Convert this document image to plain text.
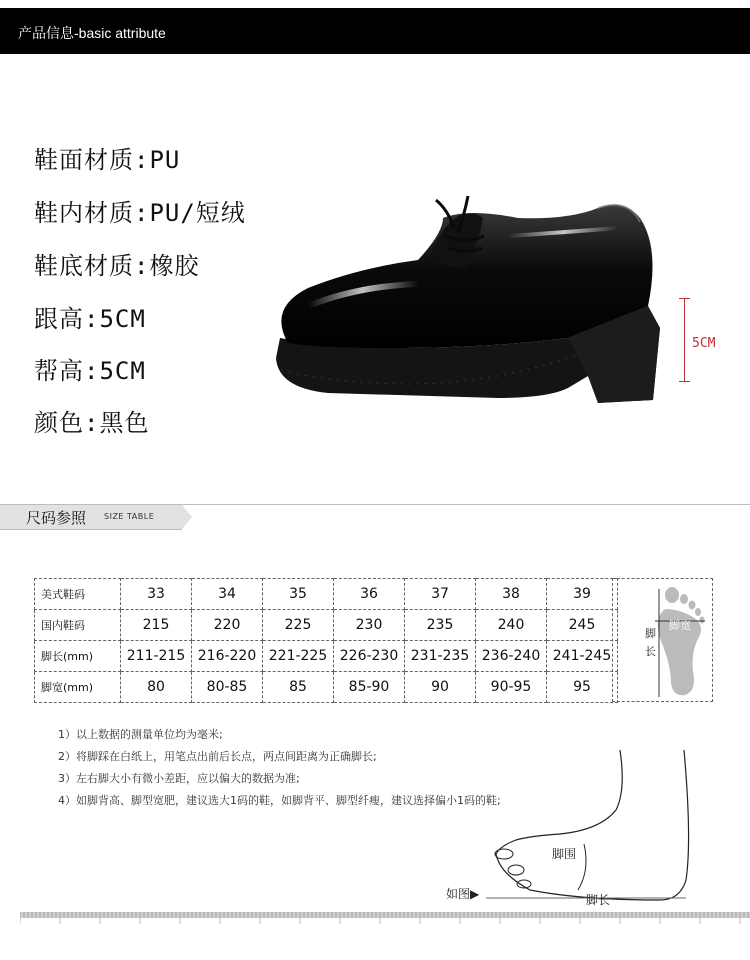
产品信息-basic attribute
鞋面材质:PU
鞋内材质:PU/短绒
鞋底材质:橡胶
跟高:5CM
帮高:5CM
颜色:黑色
5CM
尺码参照 SIZE TABLE
美式鞋码	33	34	35	36	37	38	39
国内鞋码	215	220	225	230	235	240	245
脚长(mm)	211-215	216-220	221-225	226-230	231-235	236-240	241-245
脚宽(mm)	80	80-85	85	85-90	90	90-95	95
脚
长
脚宽
1）以上数据的测量单位均为毫米;
2）将脚踩在白纸上，用笔点出前后长点，两点间距离为正确脚长;
3）左右脚大小有微小差距，应以偏大的数据为准;
4）如脚背高、脚型宽肥，建议选大1码的鞋，如脚背平、脚型纤瘦，建议选择偏小1码的鞋;
脚围
脚长
如图▶
